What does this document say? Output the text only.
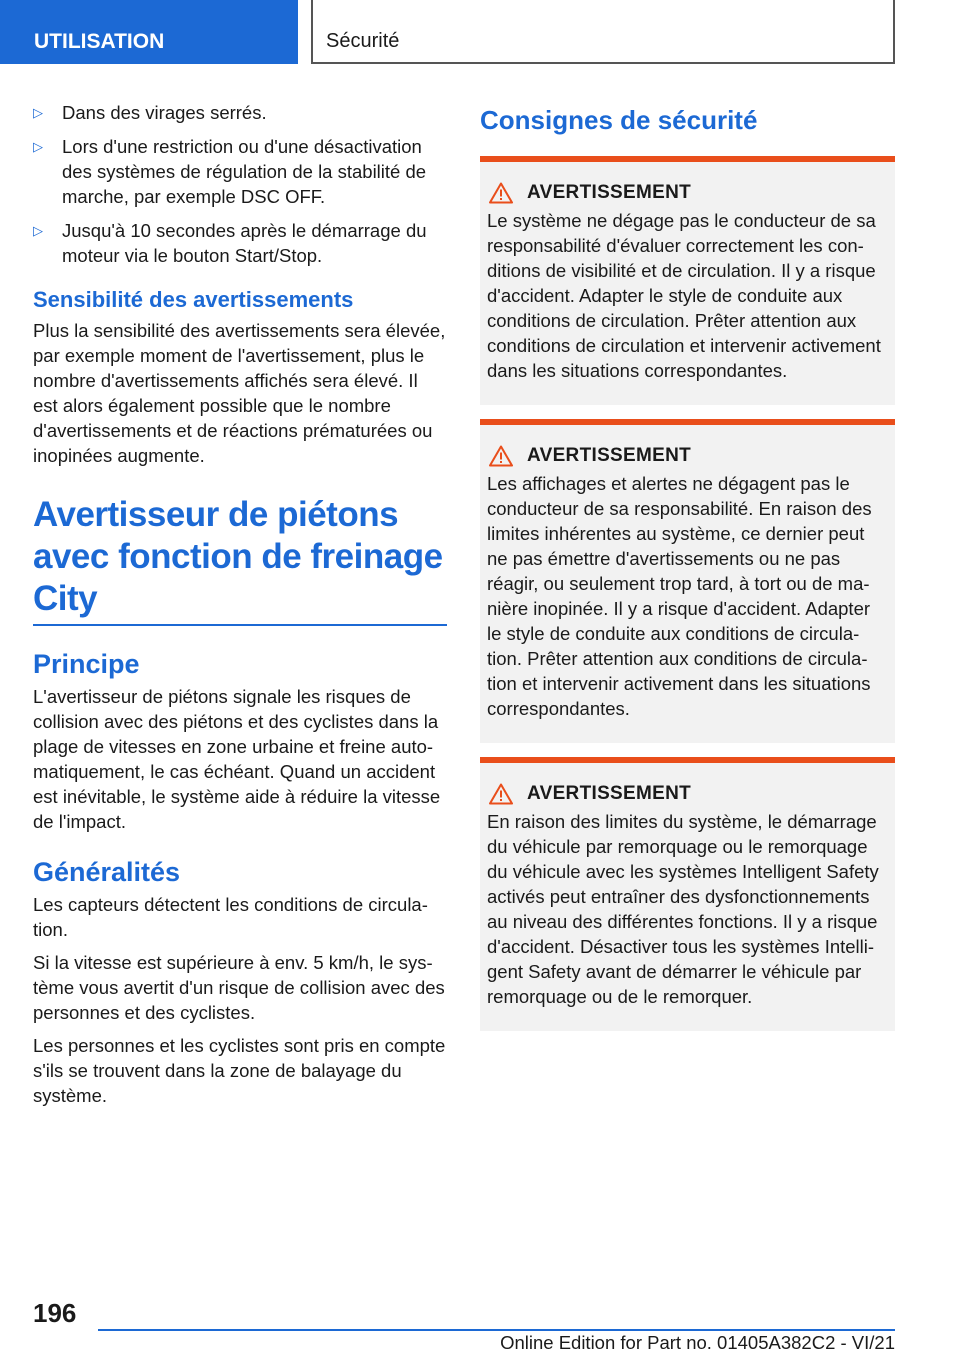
UTILISATION	Sécurité
▷ Dans des virages serrés.
▷ Lors d'une restriction ou d'une désactivation des systèmes de régulation de la stabilité de marche, par exemple DSC OFF.
▷ Jusqu'à 10 secondes après le démarrage du moteur via le bouton Start/Stop.
Sensibilité des avertissements

Plus la sensibilité des avertissements sera élevée, par exemple moment de l'avertissement, plus le nombre d'avertissements affichés sera élevé. Il est alors également possible que le nombre d'avertissements et de réactions prématurées ou inopinées augmente.

Avertisseur de piétons avec fonction de freinage City
Principe

L'avertisseur de piétons signale les risques de collision avec des piétons et des cyclistes dans la plage de vitesses en zone urbaine et freine automatiquement, le cas échéant. Quand un accident est inévitable, le système aide à réduire la vitesse de l'impact.

Généralités

Les capteurs détectent les conditions de circulation.

Si la vitesse est supérieure à env. 5 km/h, le système vous avertit d'un risque de collision avec des personnes et des cyclistes.

Les personnes et les cyclistes sont pris en compte s'ils se trouvent dans la zone de balayage du système.

Consignes de sécurité
AVERTISSEMENT

Le système ne dégage pas le conducteur de sa responsabilité d'évaluer correctement les conditions de visibilité et de circulation. Il y a risque d'accident. Adapter le style de conduite aux conditions de circulation. Prêter attention aux conditions de circulation et intervenir activement dans les situations correspondantes.

AVERTISSEMENT

Les affichages et alertes ne dégagent pas le conducteur de sa responsabilité. En raison des limites inhérentes au système, ce dernier peut ne pas émettre d'avertissements ou ne pas réagir, ou seulement trop tard, à tort ou de manière inopinée. Il y a risque d'accident. Adapter le style de conduite aux conditions de circulation. Prêter attention aux conditions de circulation et intervenir activement dans les situations correspondantes.

AVERTISSEMENT

En raison des limites du système, le démarrage du véhicule par remorquage ou le remorquage du véhicule avec les systèmes Intelligent Safety activés peut entraîner des dysfonctionnements au niveau des différentes fonctions. Il y a risque d'accident. Désactiver tous les systèmes Intelligent Safety avant de démarrer le véhicule par remorquage ou de le remorquer.

196
Online Edition for Part no. 01405A382C2 - VI/21
